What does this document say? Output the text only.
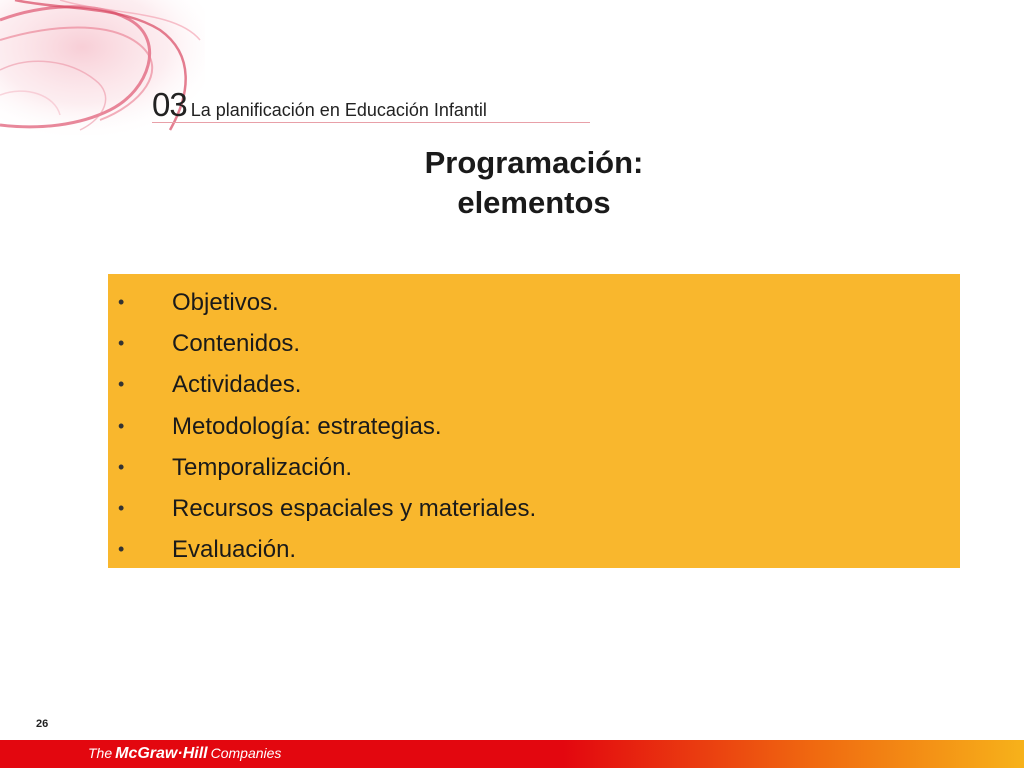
03 La planificación en Educación Infantil
Programación:
elementos
• Objetivos.
• Contenidos.
• Actividades.
• Metodología: estrategias.
• Temporalización.
• Recursos espaciales y materiales.
• Evaluación.
26
The McGraw·Hill Companies
